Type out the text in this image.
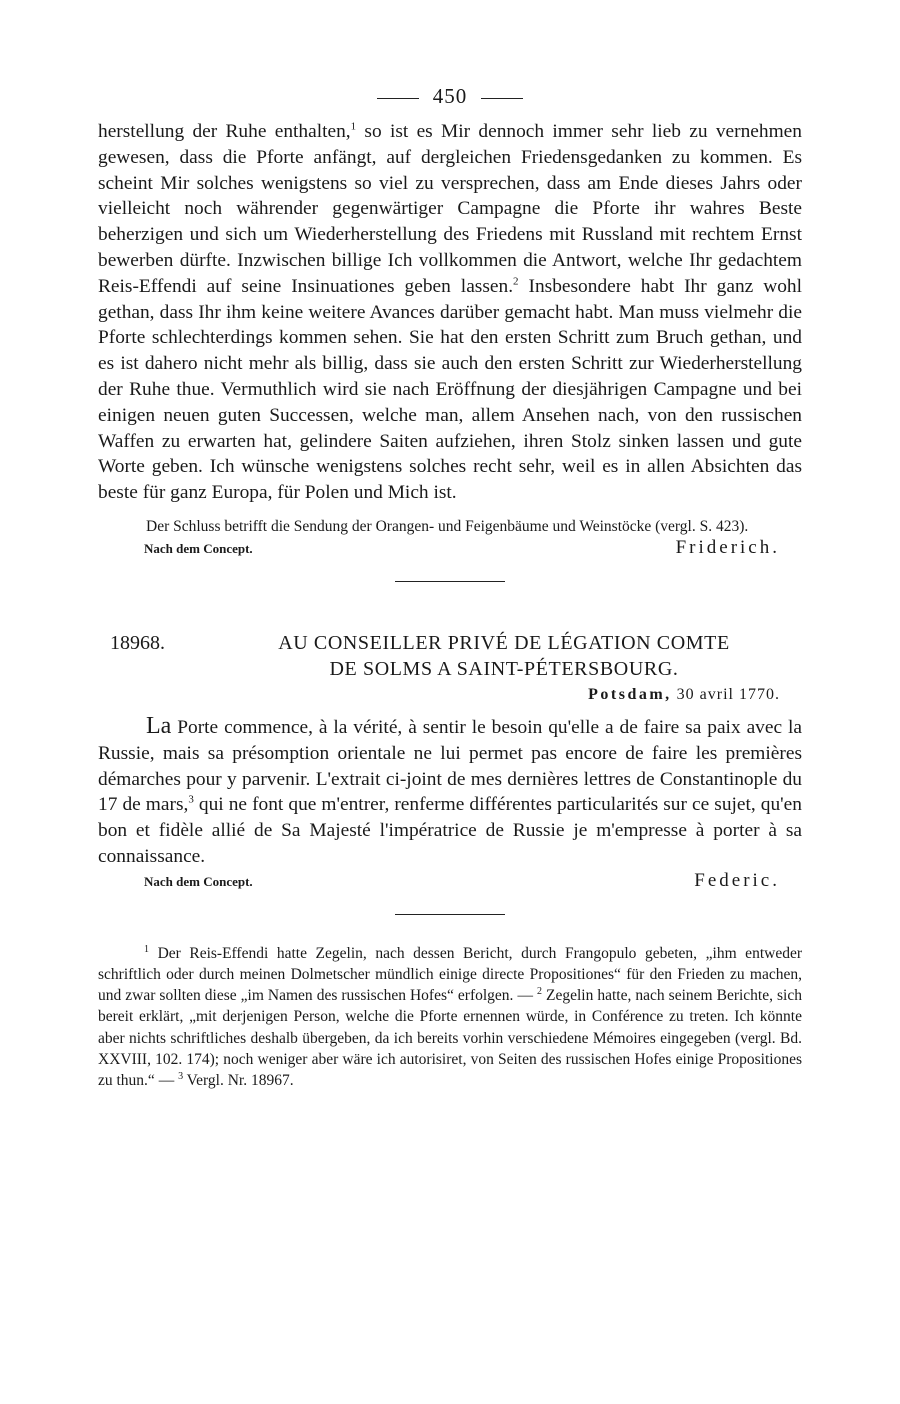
450

herstellung der Ruhe enthalten,$^1$ so ist es Mir dennoch immer sehr lieb zu vernehmen gewesen, dass die Pforte anfängt, auf dergleichen Friedensgedanken zu kommen. Es scheint Mir solches wenigstens so viel zu versprechen, dass am Ende dieses Jahrs oder vielleicht noch währender gegenwärtiger Campagne die Pforte ihr wahres Beste beherzigen und sich um Wiederherstellung des Friedens mit Russland mit rechtem Ernst bewerben dürfte. Inzwischen billige Ich vollkommen die Antwort, welche Ihr gedachtem Reis-Effendi auf seine Insinuationes geben lassen.$^2$ Insbesondere habt Ihr ganz wohl gethan, dass Ihr ihm keine weitere Avances darüber gemacht habt. Man muss vielmehr die Pforte schlechterdings kommen sehen. Sie hat den ersten Schritt zum Bruch gethan, und es ist dahero nicht mehr als billig, dass sie auch den ersten Schritt zur Wiederherstellung der Ruhe thue. Vermuthlich wird sie nach Eröffnung der diesjährigen Campagne und bei einigen neuen guten Successen, welche man, allem Ansehen nach, von den russischen Waffen zu erwarten hat, gelindere Saiten aufziehen, ihren Stolz sinken lassen und gute Worte geben. Ich wünsche wenigstens solches recht sehr, weil es in allen Absichten das beste für ganz Europa, für Polen und Mich ist.

Der Schluss betrifft die Sendung der Orangen- und Feigenbäume und Weinstöcke (vergl. S. 423).

Nach dem Concept.	Friderich.
18968.	AU CONSEILLER PRIVÉ DE LÉGATION COMTE
DE SOLMS A SAINT-PÉTERSBOURG.
Potsdam, 30 avril 1770.

La Porte commence, à la vérité, à sentir le besoin qu'elle a de faire sa paix avec la Russie, mais sa présomption orientale ne lui permet pas encore de faire les premières démarches pour y parvenir. L'extrait ci-joint de mes dernières lettres de Constantinople du 17 de mars,$^3$ qui ne font que m'entrer, renferme différentes particularités sur ce sujet, qu'en bon et fidèle allié de Sa Majesté l'impératrice de Russie je m'empresse à porter à sa connaissance.

Nach dem Concept.	Federic.

$^1$ Der Reis-Effendi hatte Zegelin, nach dessen Bericht, durch Frangopulo gebeten, „ihm entweder schriftlich oder durch meinen Dolmetscher mündlich einige directe Propositiones“ für den Frieden zu machen, und zwar sollten diese „im Namen des russischen Hofes“ erfolgen. — $^2$ Zegelin hatte, nach seinem Berichte, sich bereit erklärt, „mit derjenigen Person, welche die Pforte ernennen würde, in Conférence zu treten. Ich könnte aber nichts schriftliches deshalb übergeben, da ich bereits vorhin verschiedene Mémoires eingegeben (vergl. Bd. XXVIII, 102. 174); noch weniger aber wäre ich autorisiret, von Seiten des russischen Hofes einige Propositiones zu thun.“ — $^3$ Vergl. Nr. 18967.
